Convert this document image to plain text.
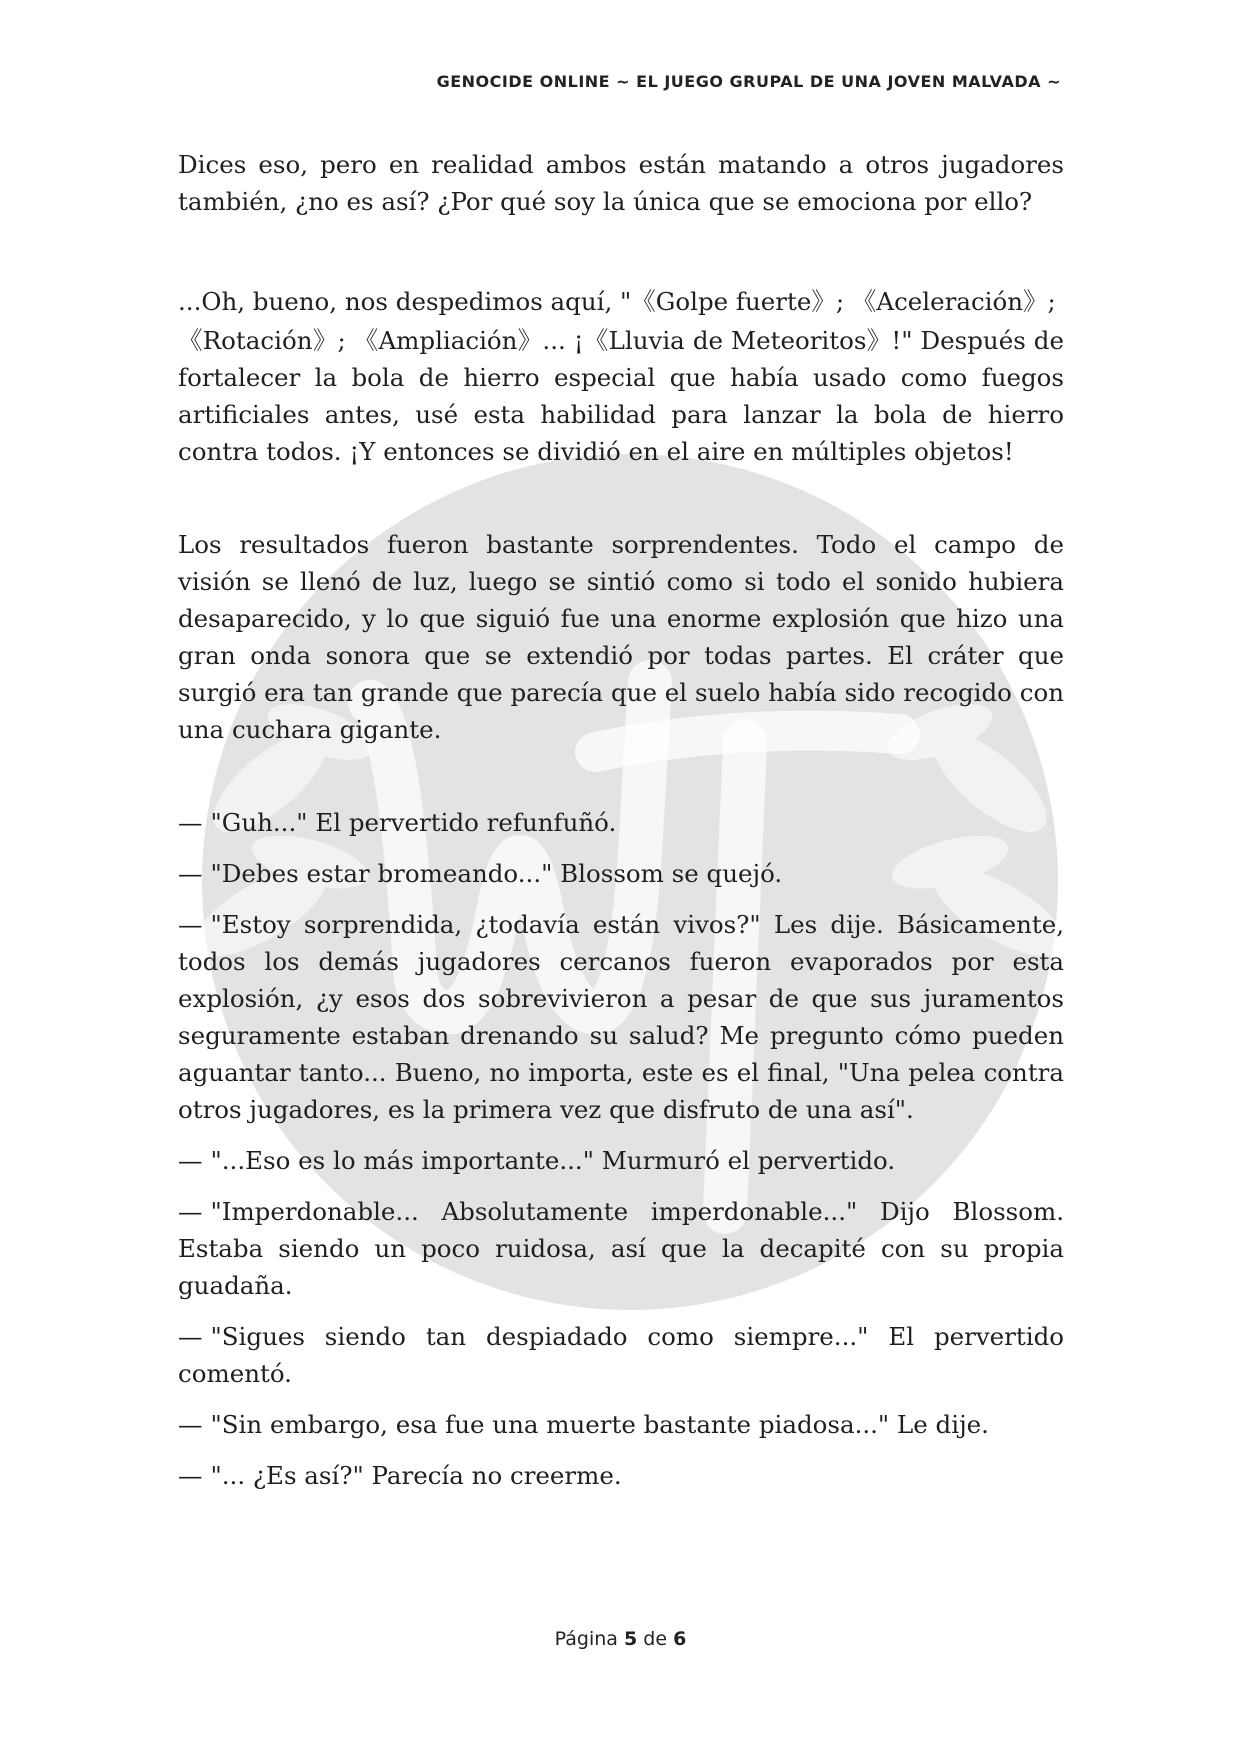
GENOCIDE ONLINE ~ EL JUEGO GRUPAL DE UNA JOVEN MALVADA ~

Dices eso, pero en realidad ambos están matando a otros jugadores también, ¿no es así? ¿Por qué soy la única que se emociona por ello?

...Oh, bueno, nos despedimos aquí, "《Golpe fuerte》; 《Aceleración》;

《Rotación》; 《Ampliación》... ¡《Lluvia de Meteoritos》!" Después de fortalecer la bola de hierro especial que había usado como fuegos artificiales antes, usé esta habilidad para lanzar la bola de hierro contra todos. ¡Y entonces se dividió en el aire en múltiples objetos!

Los resultados fueron bastante sorprendentes. Todo el campo de visión se llenó de luz, luego se sintió como si todo el sonido hubiera desaparecido, y lo que siguió fue una enorme explosión que hizo una gran onda sonora que se extendió por todas partes. El cráter que surgió era tan grande que parecía que el suelo había sido recogido con una cuchara gigante.

— "Guh..." El pervertido refunfuñó.

— "Debes estar bromeando..." Blossom se quejó.

— "Estoy sorprendida, ¿todavía están vivos?" Les dije. Básicamente, todos los demás jugadores cercanos fueron evaporados por esta explosión, ¿y esos dos sobrevivieron a pesar de que sus juramentos seguramente estaban drenando su salud? Me pregunto cómo pueden aguantar tanto... Bueno, no importa, este es el final, "Una pelea contra otros jugadores, es la primera vez que disfruto de una así".

— "...Eso es lo más importante..." Murmuró el pervertido.

— "Imperdonable... Absolutamente imperdonable..." Dijo Blossom. Estaba siendo un poco ruidosa, así que la decapité con su propia guadaña.

— "Sigues siendo tan despiadado como siempre..." El pervertido comentó.

— "Sin embargo, esa fue una muerte bastante piadosa..." Le dije.

— "... ¿Es así?" Parecía no creerme.

Página 5 de 6
